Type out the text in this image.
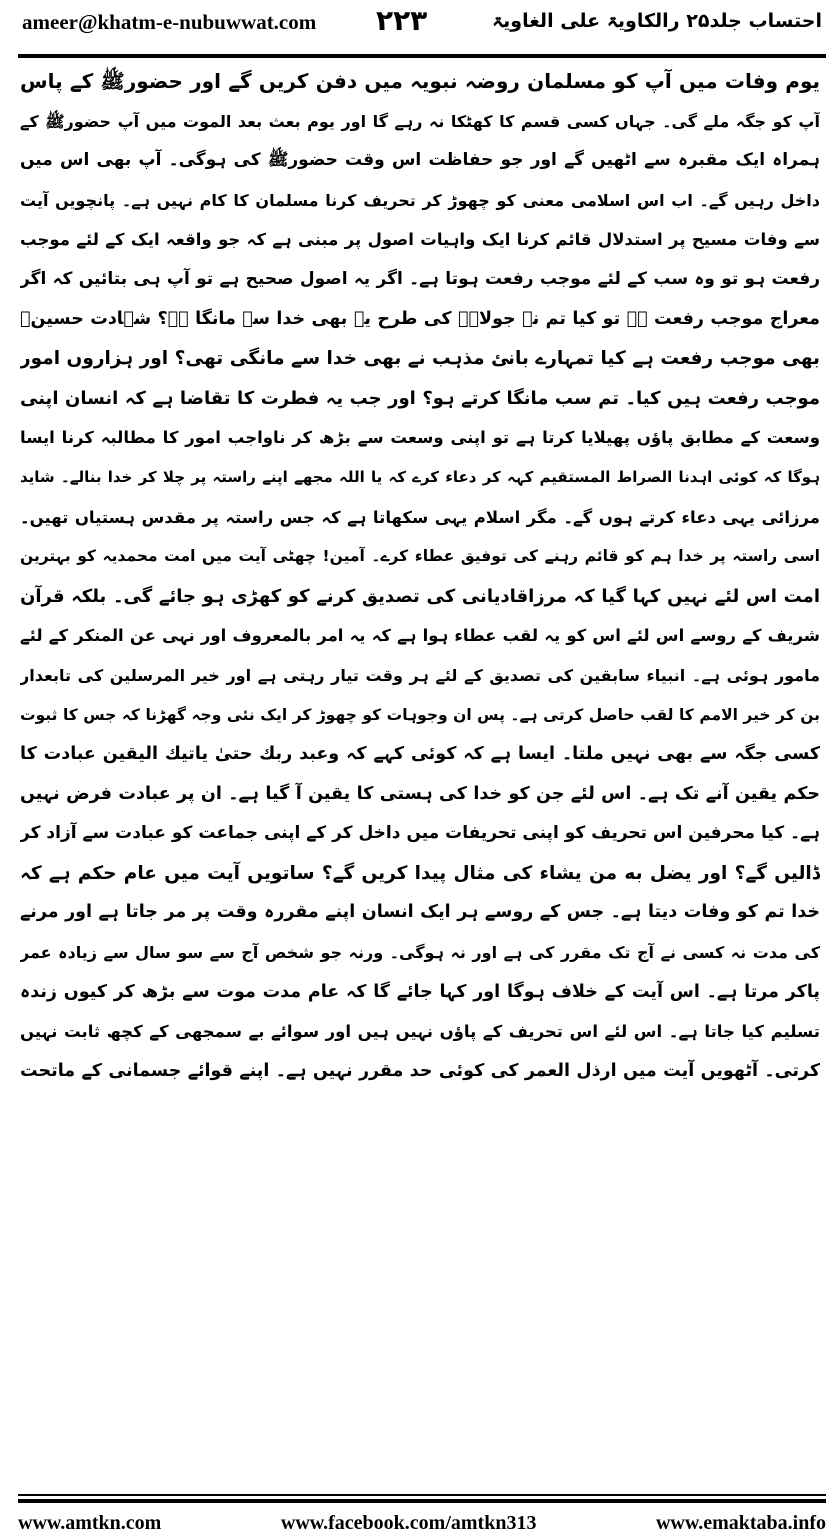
ameer@khatm-e-nubuwwat.com ۲۲۳	احتساب جلد۲۵ رالکاویۃ علی الغاویۃ
یوم وفات میں آپ کو مسلمان روضہ نبویہ میں دفن کریں گے اور حضورﷺ کے پاس
آپ کو جگہ ملے گی۔ جہاں کسی قسم کا کھٹکا نہ رہے گا اور یوم بعث بعد الموت میں آپ حضورﷺ کے
ہمراہ ایک مقبرہ سے اٹھیں گے اور جو حفاظت اس وقت حضورﷺ کی ہوگی۔ آپ بھی اس میں
داخل رہیں گے۔ اب اس اسلامی معنی کو چھوڑ کر تحریف کرنا مسلمان کا کام نہیں ہے۔ پانچویں آیت
سے وفات مسیح پر استدلال قائم کرنا ایک واہیات اصول پر مبنی ہے کہ جو واقعہ ایک کے لئے موجب
رفعت ہو تو وہ سب کے لئے موجب رفعت ہوتا ہے۔ اگر یہ اصول صحیح ہے تو آپ ہی بتائیں کہ اگر
معراج موجب رفعت ہے تو کیا تم نے جولاہے کی طرح یہ بھی خدا سے مانگا ہے؟ شہادت حسینؓ
بھی موجب رفعت ہے کیا تمہارے بانئ مذہب نے بھی خدا سے مانگی تھی؟ اور ہزاروں امور
موجب رفعت ہیں کیا۔ تم سب مانگا کرتے ہو؟ اور جب یہ فطرت کا تقاضا ہے کہ انسان اپنی
وسعت کے مطابق پاؤں پھیلایا کرتا ہے تو اپنی وسعت سے بڑھ کر ناواجب امور کا مطالبہ کرنا ایسا
ہوگا کہ کوئی اہدنا الصراط المستقیم کہہ کر دعاء کرے کہ یا اللہ مجھے اپنے راستہ پر چلا کر خدا بنالے۔ شاید
مرزائی یہی دعاء کرتے ہوں گے۔ مگر اسلام یہی سکھاتا ہے کہ جس راستہ پر مقدس ہستیاں تھیں۔
اسی راستہ پر خدا ہم کو قائم رہنے کی توفیق عطاء کرے۔ آمین! چھٹی آیت میں امت محمدیہ کو بہترین
امت اس لئے نہیں کہا گیا کہ مرزاقادیانی کی تصدیق کرنے کو کھڑی ہو جائے گی۔ بلکہ قرآن
شریف کے روسے اس لئے اس کو یہ لقب عطاء ہوا ہے کہ یہ امر بالمعروف اور نہی عن المنکر کے لئے
مامور ہوئی ہے۔ انبیاء سابقین کی تصدیق کے لئے ہر وقت تیار رہتی ہے اور خیر المرسلین کی تابعدار
بن کر خیر الامم کا لقب حاصل کرتی ہے۔ پس ان وجوہات کو چھوڑ کر ایک نئی وجہ گھڑنا کہ جس کا ثبوت
کسی جگہ سے بھی نہیں ملتا۔ ایسا ہے کہ کوئی کہے کہ وعبد ربك حتیٰ یاتیك الیقین عبادت کا
حکم یقین آنے تک ہے۔ اس لئے جن کو خدا کی ہستی کا یقین آ گیا ہے۔ ان پر عبادت فرض نہیں
ہے۔ کیا محرفین اس تحریف کو اپنی تحریفات میں داخل کر کے اپنی جماعت کو عبادت سے آزاد کر
ڈالیں گے؟ اور یضل به من یشاء کی مثال پیدا کریں گے؟ ساتویں آیت میں عام حکم ہے کہ
خدا تم کو وفات دیتا ہے۔ جس کے روسے ہر ایک انسان اپنے مقررہ وقت پر مر جاتا ہے اور مرنے
کی مدت نہ کسی نے آج تک مقرر کی ہے اور نہ ہوگی۔ ورنہ جو شخص آج سے سو سال سے زیادہ عمر
پاکر مرتا ہے۔ اس آیت کے خلاف ہوگا اور کہا جائے گا کہ عام مدت موت سے بڑھ کر کیوں زندہ
تسلیم کیا جاتا ہے۔ اس لئے اس تحریف کے پاؤں نہیں ہیں اور سوائے بے سمجھی کے کچھ ثابت نہیں
کرتی۔ آٹھویں آیت میں ارذل العمر کی کوئی حد مقرر نہیں ہے۔ اپنے قوائے جسمانی کے ماتحت
www.amtkn.com	www.facebook.com/amtkn313	www.emaktaba.info
